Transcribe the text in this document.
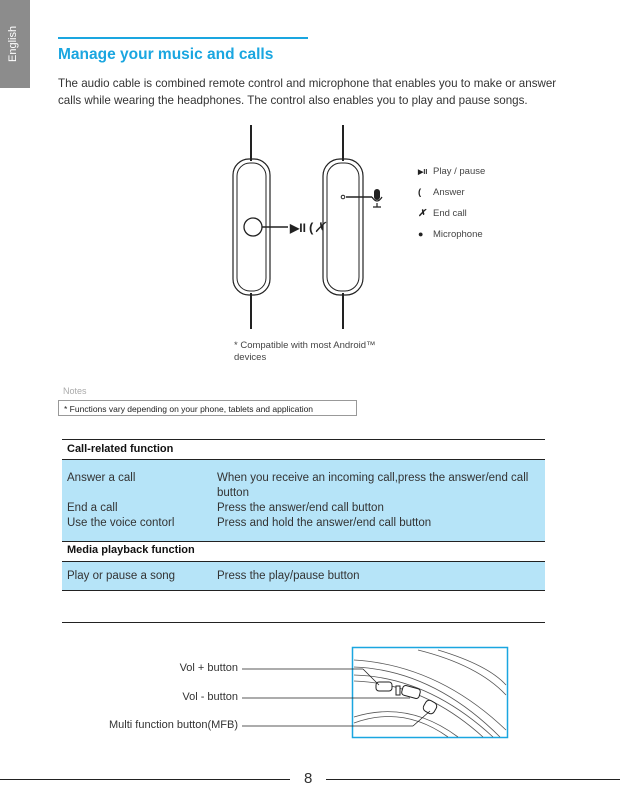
English	Manage your music and calls
The audio cable is combined remote control and microphone that enables you to make or answer calls while wearing the headphones. The control also enables you to play and pause songs.
▶II ( ✗
▶II Play / pause
( Answer
✗ End call
● Microphone
* Compatible with most Android™ devices
Notes
* Functions vary depending on your phone, tablets and application
Call-related function
Answer a call	When you receive an incoming call,press the answer/end call button
End a call	Press the answer/end call button
Use the voice contorl	Press and hold the answer/end call button
Media playback function
Play or pause a song	Press the play/pause button
Vol + button
Vol - button
Multi function button(MFB)
8
